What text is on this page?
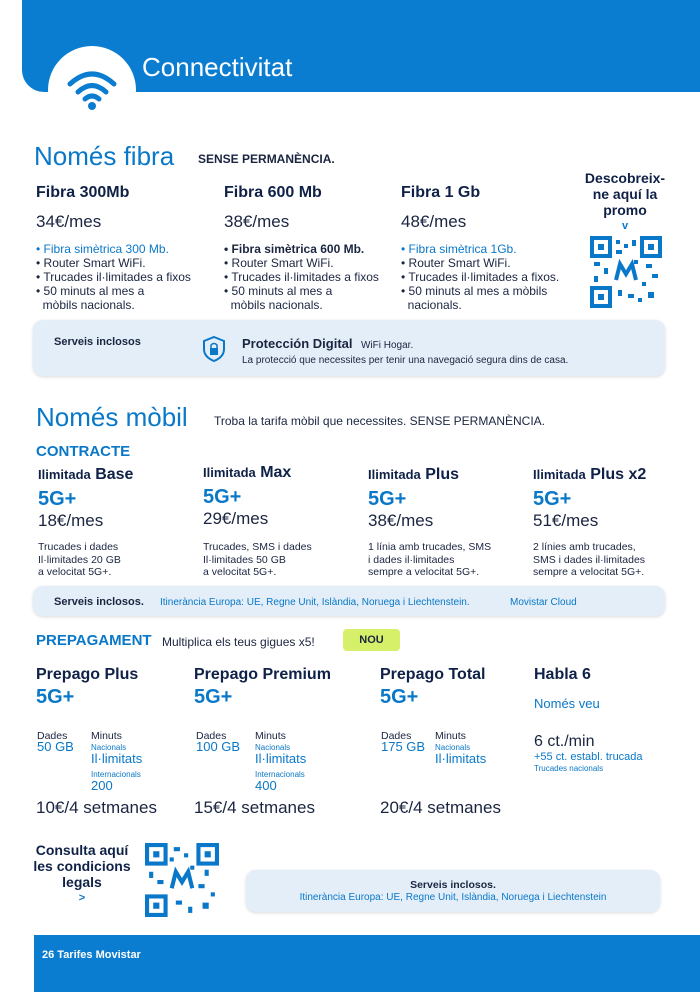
Connectivitat
Només fibra SENSE PERMANÈNCIA.
Fibra 300Mb
34€/mes
• Fibra simètrica 300 Mb.
• Router Smart WiFi.
• Trucades il·limitades a fixos
• 50 minuts al mes a
mòbils nacionals.
Fibra 600 Mb
38€/mes
• Fibra simètrica 600 Mb.
• Router Smart WiFi.
• Trucades il·limitades a fixos
• 50 minuts al mes a
mòbils nacionals.
Fibra 1 Gb
48€/mes
• Fibra simètrica 1Gb.
• Router Smart WiFi.
• Trucades il·limitades a fixos.
• 50 minuts al mes a mòbils
nacionals.
Descobreix-
ne aquí la
promo
v
Serveis inclosos	Protección Digital WiFi Hogar.
La protecció que necessites per tenir una navegació segura dins de casa.
Només mòbil Troba la tarifa mòbil que necessites. SENSE PERMANÈNCIA.
CONTRACTE
Ilimitada Base
5G+
18€/mes
Trucades i dades
Il·limitades 20 GB
a velocitat 5G+.
Ilimitada Max
5G+
29€/mes
Trucades, SMS i dades
Il·limitades 50 GB
a velocitat 5G+.
Ilimitada Plus
5G+
38€/mes
1 línia amb trucades, SMS
i dades il·limitades
sempre a velocitat 5G+.
Ilimitada Plus x2
5G+
51€/mes
2 línies amb trucades,
SMS i dades il·limitades
sempre a velocitat 5G+.
Serveis inclosos. Itinerància Europa: UE, Regne Unit, Islàndia, Noruega i Liechtenstein.	Movistar Cloud
PREPAGAMENT Multiplica els teus gigues x5!	NOU
Prepago Plus
5G+
Dades
50 GB
Minuts
Nacionals
Il·limitats
Internacionals
200
10€/4 setmanes
Prepago Premium
5G+
Dades
100 GB
Minuts
Nacionals
Il·limitats
Internacionals
400
15€/4 setmanes
Prepago Total
5G+
Dades
175 GB
Minuts
Nacionals
Il·limitats
20€/4 setmanes
Habla 6
Només veu
6 ct./min
+55 ct. establ. trucada
Trucades nacionals
Consulta aquí
les condicions
legals
>
Serveis inclosos.
Itinerància Europa: UE, Regne Unit, Islàndia, Noruega i Liechtenstein
26 Tarifes Movistar
